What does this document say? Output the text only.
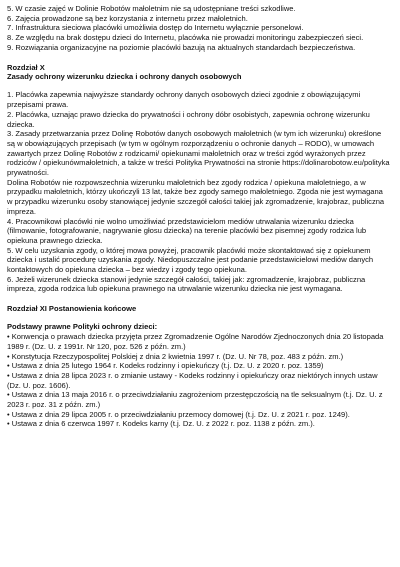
5. W czasie zajęć w Dolinie Robotów małoletnim nie są udostępniane treści szkodliwe.

6. Zajęcia prowadzone są bez korzystania z internetu przez małoletnich.

7. Infrastruktura sieciowa placówki umożliwia dostęp do Internetu wyłącznie personelowi.

8. Ze względu na brak dostępu dzieci do Internetu, placówka nie prowadzi monitoringu zabezpieczeń sieci.

9. Rozwiązania organizacyjne na poziomie placówki bazują na aktualnych standardach bezpieczeństwa.

Rozdział X

Zasady ochrony wizerunku dziecka i ochrony danych osobowych

1. Placówka zapewnia najwyższe standardy ochrony danych osobowych dzieci zgodnie z obowiązującymi przepisami prawa.

2. Placówka, uznając prawo dziecka do prywatności i ochrony dóbr osobistych, zapewnia ochronę wizerunku dziecka.

3. Zasady przetwarzania przez Dolinę Robotów danych osobowych małoletnich (w tym ich wizerunku) określone są w obowiązujących przepisach (w tym w ogólnym rozporządzeniu o ochronie danych – RODO), w umowach zawartych przez Dolinę Robotów z rodzicami/ opiekunami małoletnich oraz w treści zgód wyrażonych przez rodziców / opiekunówmałoletnich, a także w treści Polityka Prywatności na stronie https://dolinarobotow.eu/polityka prywatności.

Dolina Robotów nie rozpowszechnia wizerunku małoletnich bez zgody rodzica / opiekuna małoletniego, a w przypadku małoletnich, którzy ukończyli 13 lat, także bez zgody samego małoletniego. Zgoda nie jest wymagana w przypadku wizerunku osoby stanowiącej jedynie szczegół całości takiej jak zgromadzenie, krajobraz, publiczna impreza.

4. Pracownikowi placówki nie wolno umożliwiać przedstawicielom mediów utrwalania wizerunku dziecka (filmowanie, fotografowanie, nagrywanie głosu dziecka) na terenie placówki bez pisemnej zgody rodzica lub opiekuna prawnego dziecka.

5. W celu uzyskania zgody, o której mowa powyżej, pracownik placówki może skontaktować się z opiekunem dziecka i ustalić procedurę uzyskania zgody. Niedopuszczalne jest podanie przedstawicielowi mediów danych kontaktowych do opiekuna dziecka – bez wiedzy i zgody tego opiekuna.

6. Jeżeli wizerunek dziecka stanowi jedynie szczegół całości, takiej jak: zgromadzenie, krajobraz, publiczna impreza, zgoda rodzica lub opiekuna prawnego na utrwalanie wizerunku dziecka nie jest wymagana.

Rozdział XI Postanowienia końcowe

Podstawy prawne Polityki ochrony dzieci:

• Konwencja o prawach dziecka przyjęta przez Zgromadzenie Ogólne Narodów Zjednoczonych dnia 20 listopada 1989 r. (Dz. U. z 1991r. Nr 120, poz. 526 z późn. zm.)
• Konstytucja Rzeczypospolitej Polskiej z dnia 2 kwietnia 1997 r. (Dz. U. Nr 78, poz. 483 z późn. zm.)
• Ustawa z dnia 25 lutego 1964 r. Kodeks rodzinny i opiekuńczy (t.j. Dz. U. z 2020 r. poz. 1359)
• Ustawa z dnia 28 lipca 2023 r. o zmianie ustawy - Kodeks rodzinny i opiekuńczy oraz niektórych innych ustaw (Dz. U. poz. 1606).
• Ustawa z dnia 13 maja 2016 r. o przeciwdziałaniu zagrożeniom przestępczością na tle seksualnym (t.j. Dz. U. z 2023 r. poz. 31 z późn. zm.)
• Ustawa z dnia 29 lipca 2005 r. o przeciwdziałaniu przemocy domowej (t.j. Dz. U. z 2021 r. poz. 1249).
• Ustawa z dnia 6 czerwca 1997 r. Kodeks karny (t.j. Dz. U. z 2022 r. poz. 1138 z późn. zm.).
